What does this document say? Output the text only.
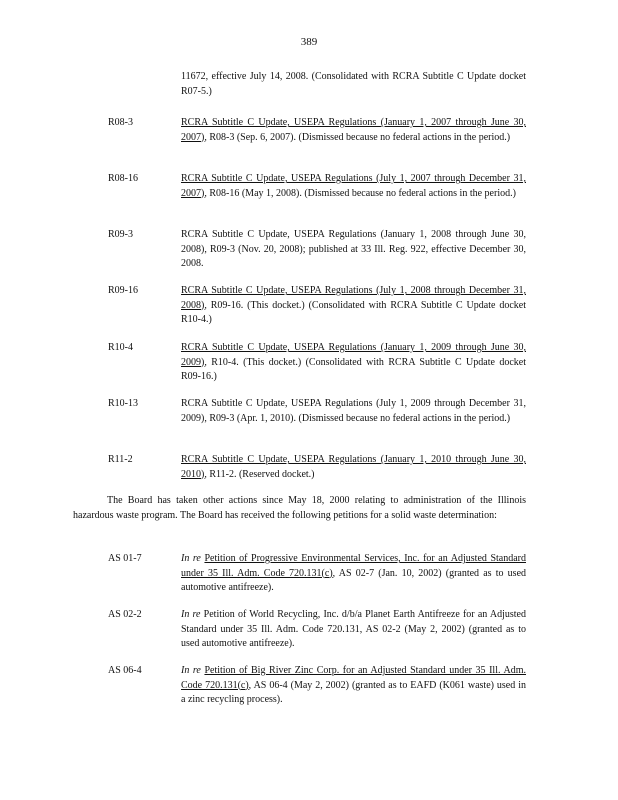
389
11672, effective July 14, 2008. (Consolidated with RCRA Subtitle C Update docket R07-5.)
R08-3	RCRA Subtitle C Update, USEPA Regulations (January 1, 2007 through June 30, 2007), R08-3 (Sep. 6, 2007). (Dismissed because no federal actions in the period.)
R08-16	RCRA Subtitle C Update, USEPA Regulations (July 1, 2007 through December 31, 2007), R08-16 (May 1, 2008). (Dismissed because no federal actions in the period.)
R09-3	RCRA Subtitle C Update, USEPA Regulations (January 1, 2008 through June 30, 2008), R09-3 (Nov. 20, 2008); published at 33 Ill. Reg. 922, effective December 30, 2008.
R09-16	RCRA Subtitle C Update, USEPA Regulations (July 1, 2008 through December 31, 2008), R09-16. (This docket.) (Consolidated with RCRA Subtitle C Update docket R10-4.)
R10-4	RCRA Subtitle C Update, USEPA Regulations (January 1, 2009 through June 30, 2009), R10-4. (This docket.) (Consolidated with RCRA Subtitle C Update docket R09-16.)
R10-13	RCRA Subtitle C Update, USEPA Regulations (July 1, 2009 through December 31, 2009), R09-3 (Apr. 1, 2010). (Dismissed because no federal actions in the period.)
R11-2	RCRA Subtitle C Update, USEPA Regulations (January 1, 2010 through June 30, 2010), R11-2. (Reserved docket.)
The Board has taken other actions since May 18, 2000 relating to administration of the Illinois hazardous waste program. The Board has received the following petitions for a solid waste determination:
AS 01-7	In re Petition of Progressive Environmental Services, Inc. for an Adjusted Standard under 35 Ill. Adm. Code 720.131(c), AS 02-7 (Jan. 10, 2002) (granted as to used automotive antifreeze).
AS 02-2	In re Petition of World Recycling, Inc. d/b/a Planet Earth Antifreeze for an Adjusted Standard under 35 Ill. Adm. Code 720.131, AS 02-2 (May 2, 2002) (granted as to used automotive antifreeze).
AS 06-4	In re Petition of Big River Zinc Corp. for an Adjusted Standard under 35 Ill. Adm. Code 720.131(c), AS 06-4 (May 2, 2002) (granted as to EAFD (K061 waste) used in a zinc recycling process).
